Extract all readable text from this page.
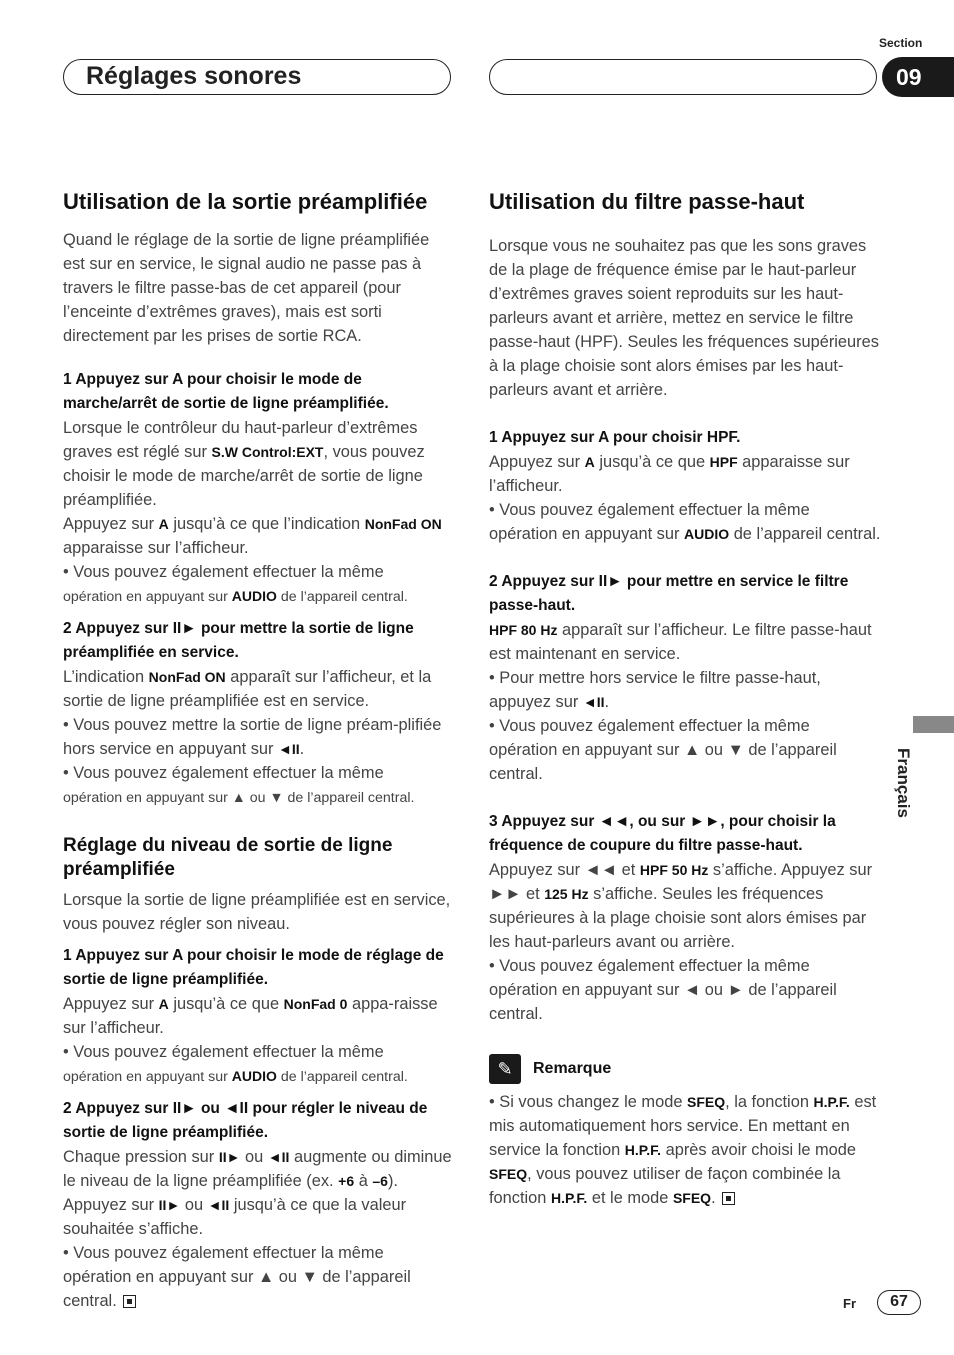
Réglages sonores
Section
09
Utilisation de la sortie préamplifiée

Quand le réglage de la sortie de ligne préamplifiée est sur en service, le signal audio ne passe pas à travers le filtre passe-bas de cet appareil (pour l’enceinte d’extrêmes graves), mais est sorti directement par les prises de sortie RCA.

1 Appuyez sur A pour choisir le mode de marche/arrêt de sortie de ligne préamplifiée.

Lorsque le contrôleur du haut-parleur d’extrêmes graves est réglé sur S.W Control:EXT, vous pouvez choisir le mode de marche/arrêt de sortie de ligne préamplifiée.

Appuyez sur A jusqu’à ce que l’indication NonFad ON apparaisse sur l’afficheur.

• Vous pouvez également effectuer la même
opération en appuyant sur AUDIO de l’appareil central.

2 Appuyez sur II► pour mettre la sortie de ligne préamplifiée en service.

L’indication NonFad ON apparaît sur l’afficheur, et la sortie de ligne préamplifiée est en service.

• Vous pouvez mettre la sortie de ligne préam-plifiée hors service en appuyant sur ◄II.

• Vous pouvez également effectuer la même
opération en appuyant sur ▲ ou ▼ de l’appareil central.

Réglage du niveau de sortie de ligne préamplifiée

Lorsque la sortie de ligne préamplifiée est en service, vous pouvez régler son niveau.

1 Appuyez sur A pour choisir le mode de réglage de sortie de ligne préamplifiée.

Appuyez sur A jusqu’à ce que NonFad 0 appa-raisse sur l’afficheur.

• Vous pouvez également effectuer la même
opération en appuyant sur AUDIO de l’appareil central.

2 Appuyez sur II► ou ◄II pour régler le niveau de sortie de ligne préamplifiée.

Chaque pression sur II► ou ◄II augmente ou diminue le niveau de la ligne préamplifiée (ex. +6 à –6).

Appuyez sur II► ou ◄II jusqu’à ce que la valeur souhaitée s’affiche.

• Vous pouvez également effectuer la même opération en appuyant sur ▲ ou ▼ de l’appareil central.

Utilisation du filtre passe-haut

Lorsque vous ne souhaitez pas que les sons graves de la plage de fréquence émise par le haut-parleur d’extrêmes graves soient reproduits sur les haut-parleurs avant et arrière, mettez en service le filtre passe-haut (HPF). Seules les fréquences supérieures à la plage choisie sont alors émises par les haut-parleurs avant et arrière.

1 Appuyez sur A pour choisir HPF.

Appuyez sur A jusqu’à ce que HPF apparaisse sur l’afficheur.

• Vous pouvez également effectuer la même opération en appuyant sur AUDIO de l’appareil central.

2 Appuyez sur II► pour mettre en service le filtre passe-haut.

HPF 80 Hz apparaît sur l’afficheur. Le filtre passe-haut est maintenant en service.

• Pour mettre hors service le filtre passe-haut, appuyez sur ◄II.

• Vous pouvez également effectuer la même opération en appuyant sur ▲ ou ▼ de l’appareil central.

3 Appuyez sur ◄◄, ou sur ►►, pour choisir la fréquence de coupure du filtre passe-haut.

Appuyez sur ◄◄ et HPF 50 Hz s’affiche. Appuyez sur ►► et 125 Hz s’affiche. Seules les fréquences supérieures à la plage choisie sont alors émises par les haut-parleurs avant ou arrière.

• Vous pouvez également effectuer la même opération en appuyant sur ◄ ou ► de l’appareil central.

✎	Remarque

• Si vous changez le mode SFEQ, la fonction H.P.F. est mis automatiquement hors service. En mettant en service la fonction H.P.F. après avoir choisi le mode SFEQ, vous pouvez utiliser de façon combinée la fonction H.P.F. et le mode SFEQ.

Français
Fr	67
